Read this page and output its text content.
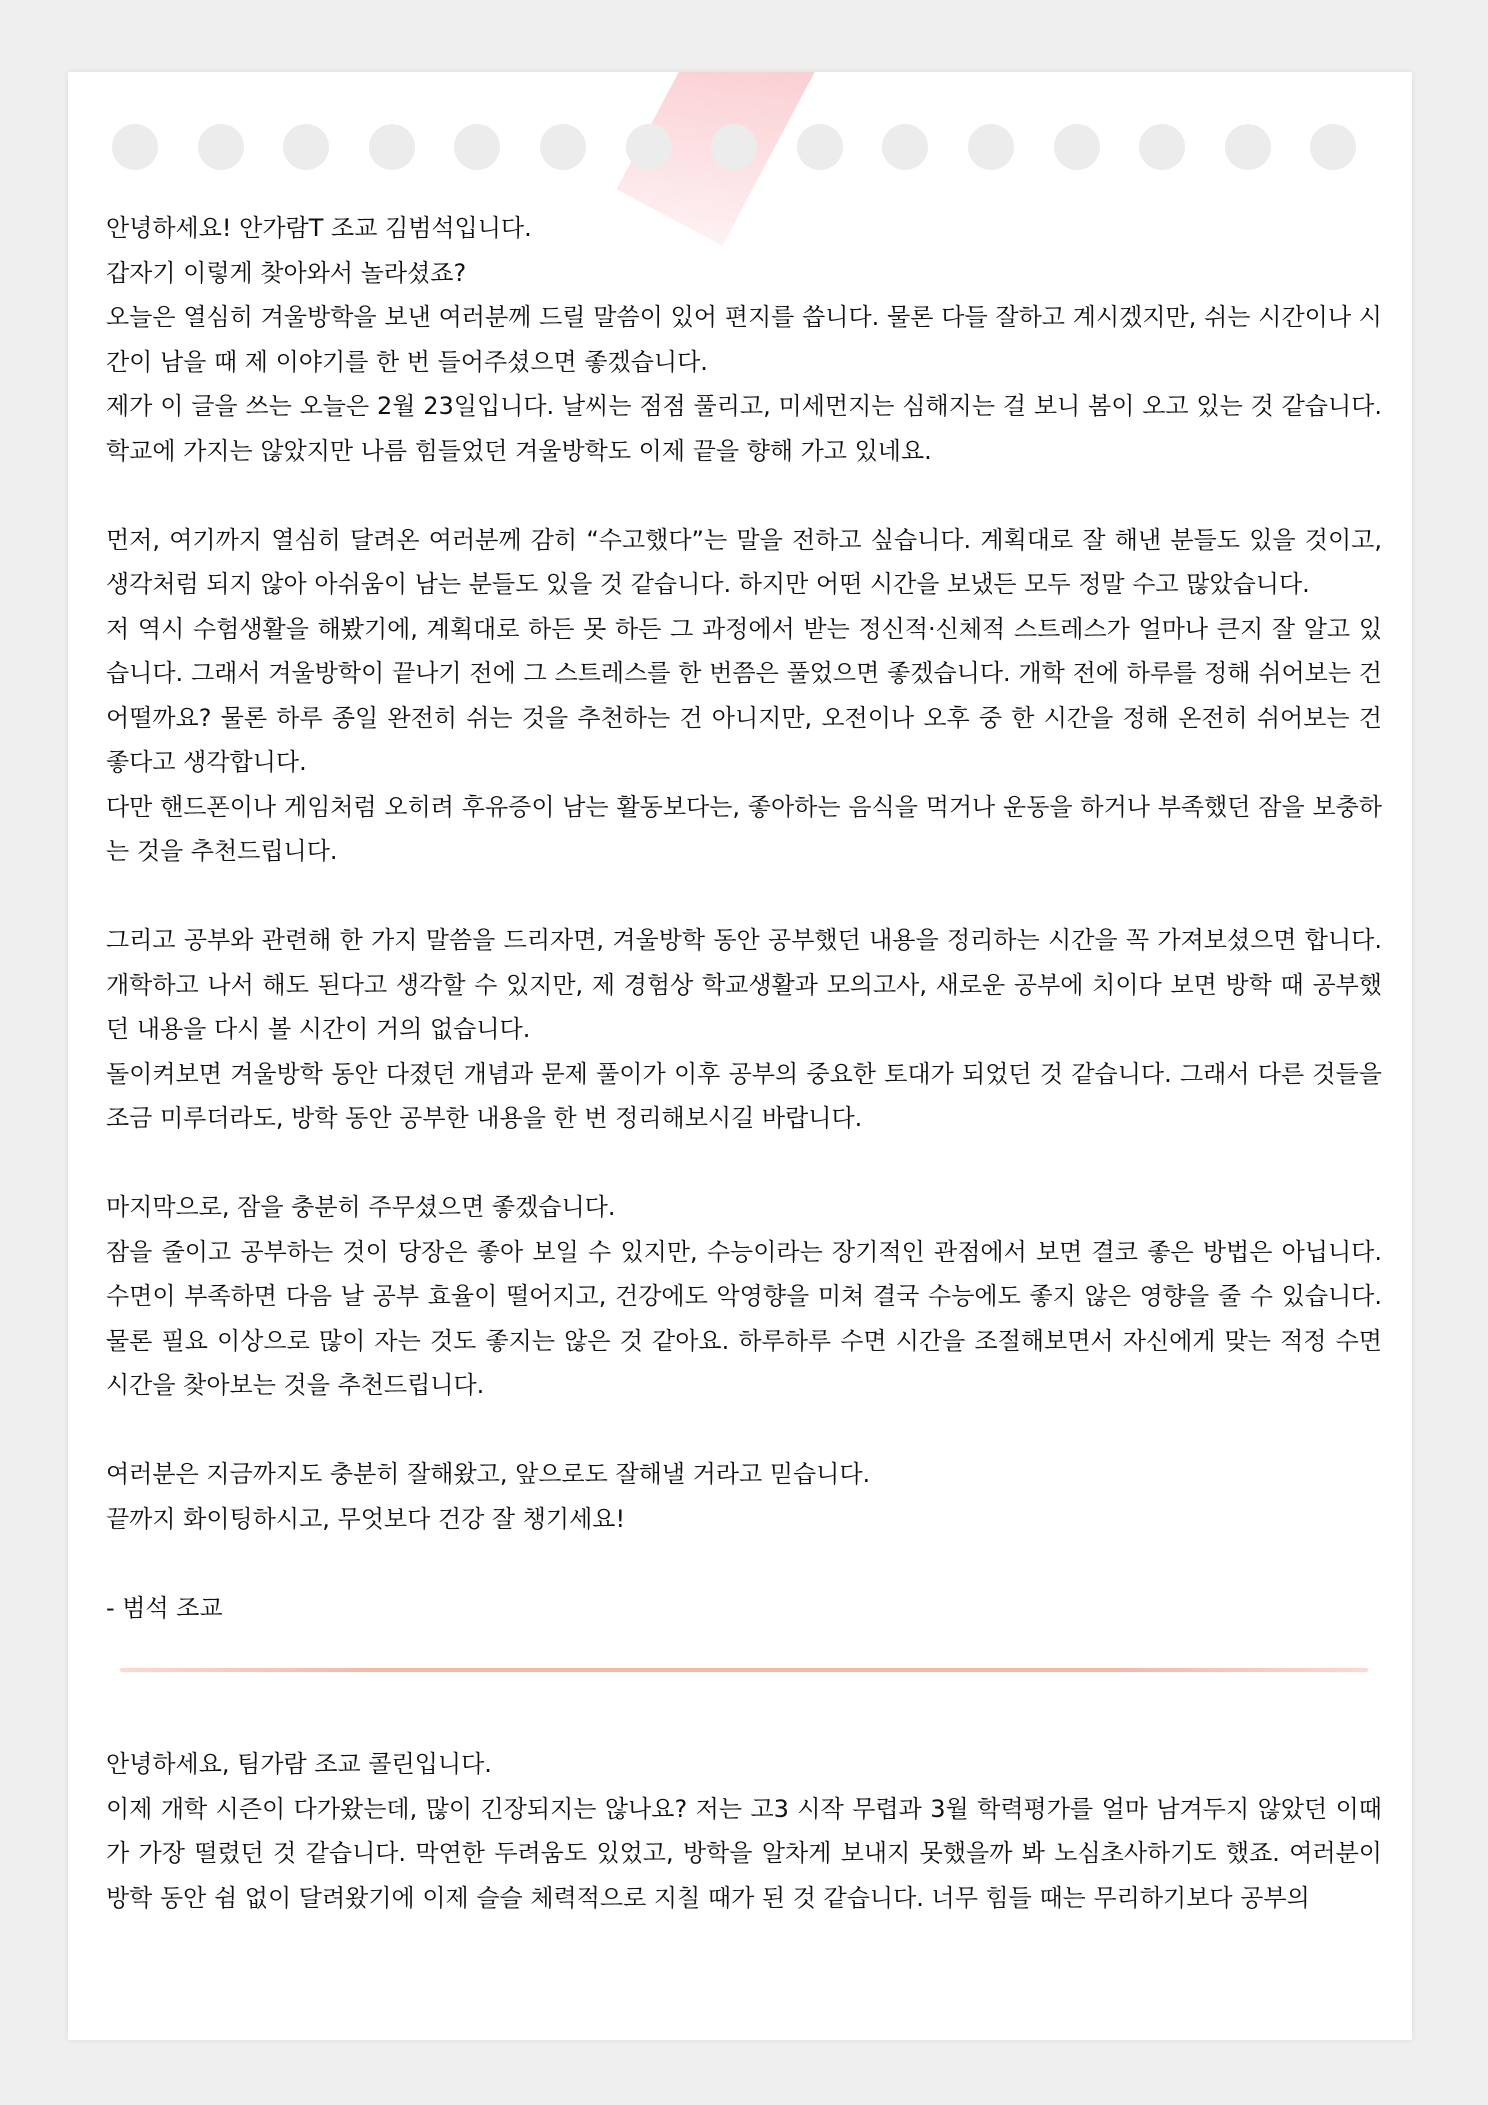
안녕하세요! 안가람T 조교 김범석입니다.

갑자기 이렇게 찾아와서 놀라셨죠?

오늘은 열심히 겨울방학을 보낸 여러분께 드릴 말씀이 있어 편지를 씁니다. 물론 다들 잘하고 계시겠지만, 쉬는 시간이나 시간이 남을 때 제 이야기를 한 번 들어주셨으면 좋겠습니다.

제가 이 글을 쓰는 오늘은 2월 23일입니다. 날씨는 점점 풀리고, 미세먼지는 심해지는 걸 보니 봄이 오고 있는 것 같습니다. 학교에 가지는 않았지만 나름 힘들었던 겨울방학도 이제 끝을 향해 가고 있네요.

먼저, 여기까지 열심히 달려온 여러분께 감히 “수고했다”는 말을 전하고 싶습니다. 계획대로 잘 해낸 분들도 있을 것이고, 생각처럼 되지 않아 아쉬움이 남는 분들도 있을 것 같습니다. 하지만 어떤 시간을 보냈든 모두 정말 수고 많았습니다.

저 역시 수험생활을 해봤기에, 계획대로 하든 못 하든 그 과정에서 받는 정신적·신체적 스트레스가 얼마나 큰지 잘 알고 있습니다. 그래서 겨울방학이 끝나기 전에 그 스트레스를 한 번쯤은 풀었으면 좋겠습니다. 개학 전에 하루를 정해 쉬어보는 건 어떨까요? 물론 하루 종일 완전히 쉬는 것을 추천하는 건 아니지만, 오전이나 오후 중 한 시간을 정해 온전히 쉬어보는 건 좋다고 생각합니다.

다만 핸드폰이나 게임처럼 오히려 후유증이 남는 활동보다는, 좋아하는 음식을 먹거나 운동을 하거나 부족했던 잠을 보충하는 것을 추천드립니다.

그리고 공부와 관련해 한 가지 말씀을 드리자면, 겨울방학 동안 공부했던 내용을 정리하는 시간을 꼭 가져보셨으면 합니다. 개학하고 나서 해도 된다고 생각할 수 있지만, 제 경험상 학교생활과 모의고사, 새로운 공부에 치이다 보면 방학 때 공부했던 내용을 다시 볼 시간이 거의 없습니다.

돌이켜보면 겨울방학 동안 다졌던 개념과 문제 풀이가 이후 공부의 중요한 토대가 되었던 것 같습니다. 그래서 다른 것들을 조금 미루더라도, 방학 동안 공부한 내용을 한 번 정리해보시길 바랍니다.

마지막으로, 잠을 충분히 주무셨으면 좋겠습니다.

잠을 줄이고 공부하는 것이 당장은 좋아 보일 수 있지만, 수능이라는 장기적인 관점에서 보면 결코 좋은 방법은 아닙니다. 수면이 부족하면 다음 날 공부 효율이 떨어지고, 건강에도 악영향을 미쳐 결국 수능에도 좋지 않은 영향을 줄 수 있습니다. 물론 필요 이상으로 많이 자는 것도 좋지는 않은 것 같아요. 하루하루 수면 시간을 조절해보면서 자신에게 맞는 적정 수면 시간을 찾아보는 것을 추천드립니다.

여러분은 지금까지도 충분히 잘해왔고, 앞으로도 잘해낼 거라고 믿습니다.

끝까지 화이팅하시고, 무엇보다 건강 잘 챙기세요!

- 범석 조교

안녕하세요, 팀가람 조교 콜린입니다.

이제 개학 시즌이 다가왔는데, 많이 긴장되지는 않나요? 저는 고3 시작 무렵과 3월 학력평가를 얼마 남겨두지 않았던 이때가 가장 떨렸던 것 같습니다. 막연한 두려움도 있었고, 방학을 알차게 보내지 못했을까 봐 노심초사하기도 했죠. 여러분이 방학 동안 쉼 없이 달려왔기에 이제 슬슬 체력적으로 지칠 때가 된 것 같습니다. 너무 힘들 때는 무리하기보다 공부의
